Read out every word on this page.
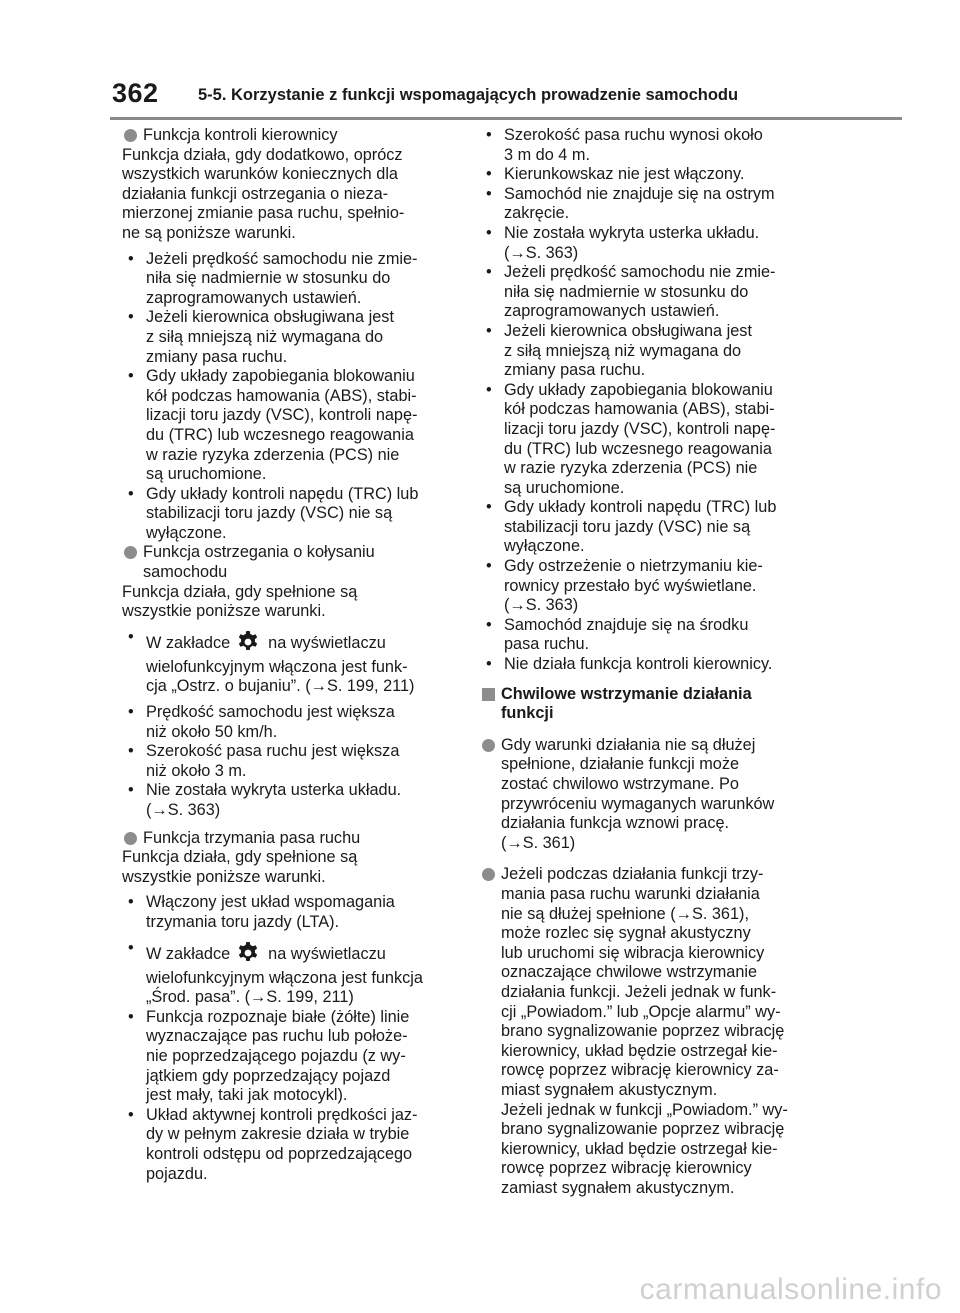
362 5-5. Korzystanie z funkcji wspomagających prowadzenie samochodu

Funkcja kontroli kierownicy

Funkcja działa, gdy dodatkowo, oprócz
wszystkich warunków koniecznych dla
działania funkcji ostrzegania o nieza-
mierzonej zmianie pasa ruchu, spełnio-
ne są poniższe warunki.

• Jeżeli prędkość samochodu nie zmie-
niła się nadmiernie w stosunku do
zaprogramowanych ustawień.
• Jeżeli kierownica obsługiwana jest
z siłą mniejszą niż wymagana do
zmiany pasa ruchu.
• Gdy układy zapobiegania blokowaniu
kół podczas hamowania (ABS), stabi-
lizacji toru jazdy (VSC), kontroli napę-
du (TRC) lub wczesnego reagowania
w razie ryzyka zderzenia (PCS) nie
są uruchomione.
• Gdy układy kontroli napędu (TRC) lub
stabilizacji toru jazdy (VSC) nie są
wyłączone.

Funkcja ostrzegania o kołysaniu
samochodu

Funkcja działa, gdy spełnione są
wszystkie poniższe warunki.

• W zakładce na wyświetlaczu
wielofunkcyjnym włączona jest funk-
cja „Ostrz. o bujaniu”. (→S. 199, 211)
• Prędkość samochodu jest większa
niż około 50 km/h.
• Szerokość pasa ruchu jest większa
niż około 3 m.
• Nie została wykryta usterka układu.
(→S. 363)

Funkcja trzymania pasa ruchu

Funkcja działa, gdy spełnione są
wszystkie poniższe warunki.

• Włączony jest układ wspomagania
trzymania toru jazdy (LTA).
• W zakładce na wyświetlaczu
wielofunkcyjnym włączona jest funkcja
„Środ. pasa”. (→S. 199, 211)
• Funkcja rozpoznaje białe (żółte) linie
wyznaczające pas ruchu lub położe-
nie poprzedzającego pojazdu (z wy-
jątkiem gdy poprzedzający pojazd
jest mały, taki jak motocykl).
• Układ aktywnej kontroli prędkości jaz-
dy w pełnym zakresie działa w trybie
kontroli odstępu od poprzedzającego
pojazdu.
• Szerokość pasa ruchu wynosi około
3 m do 4 m.
• Kierunkowskaz nie jest włączony.
• Samochód nie znajduje się na ostrym
zakręcie.
• Nie została wykryta usterka układu.
(→S. 363)
• Jeżeli prędkość samochodu nie zmie-
niła się nadmiernie w stosunku do
zaprogramowanych ustawień.
• Jeżeli kierownica obsługiwana jest
z siłą mniejszą niż wymagana do
zmiany pasa ruchu.
• Gdy układy zapobiegania blokowaniu
kół podczas hamowania (ABS), stabi-
lizacji toru jazdy (VSC), kontroli napę-
du (TRC) lub wczesnego reagowania
w razie ryzyka zderzenia (PCS) nie
są uruchomione.
• Gdy układy kontroli napędu (TRC) lub
stabilizacji toru jazdy (VSC) nie są
wyłączone.
• Gdy ostrzeżenie o nietrzymaniu kie-
rownicy przestało być wyświetlane.
(→S. 363)
• Samochód znajduje się na środku
pasa ruchu.
• Nie działa funkcja kontroli kierownicy.

Chwilowe wstrzymanie działania
funkcji

Gdy warunki działania nie są dłużej
spełnione, działanie funkcji może
zostać chwilowo wstrzymane. Po
przywróceniu wymaganych warunków
działania funkcja wznowi pracę.
(→S. 361)

Jeżeli podczas działania funkcji trzy-
mania pasa ruchu warunki działania
nie są dłużej spełnione (→S. 361),
może rozlec się sygnał akustyczny
lub uruchomi się wibracja kierownicy
oznaczające chwilowe wstrzymanie
działania funkcji. Jeżeli jednak w funk-
cji „Powiadom.” lub „Opcje alarmu” wy-
brano sygnalizowanie poprzez wibrację
kierownicy, układ będzie ostrzegał kie-
rowcę poprzez wibrację kierownicy za-
miast sygnałem akustycznym.

Jeżeli jednak w funkcji „Powiadom.” wy-
brano sygnalizowanie poprzez wibrację
kierownicy, układ będzie ostrzegał kie-
rowcę poprzez wibrację kierownicy
zamiast sygnałem akustycznym.

carmanualsonline.info
